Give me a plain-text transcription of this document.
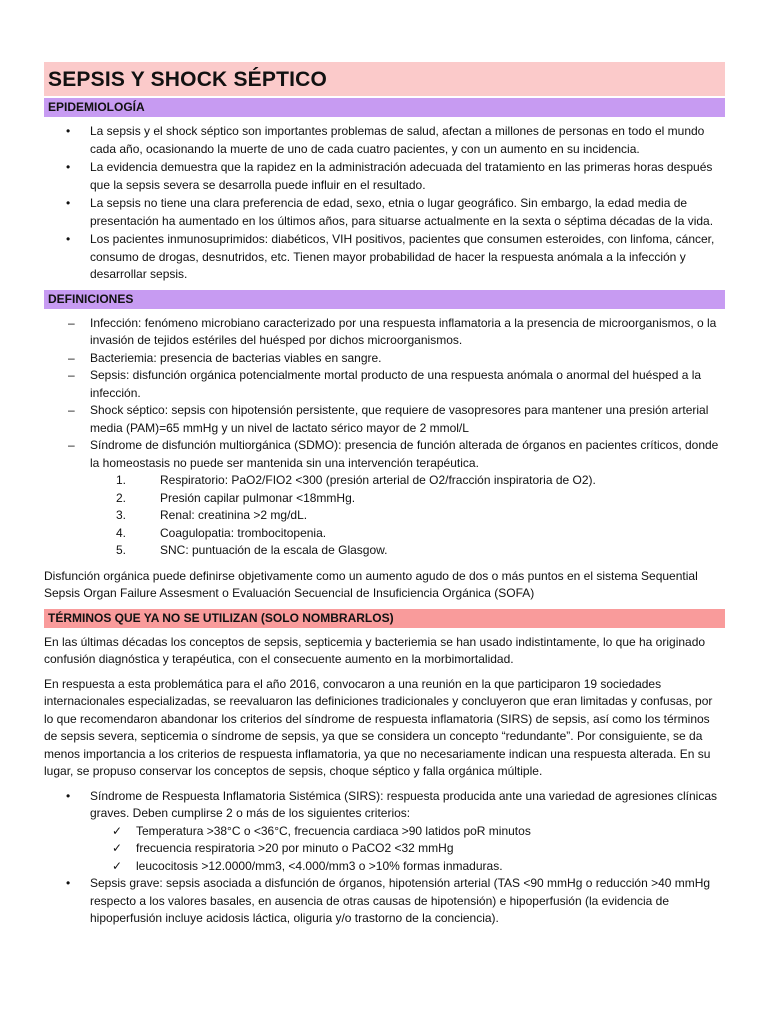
SEPSIS Y SHOCK SÉPTICO
EPIDEMIOLOGÍA
• La sepsis y el shock séptico son importantes problemas de salud, afectan a millones de personas en todo el mundo cada año, ocasionando la muerte de uno de cada cuatro pacientes, y con un aumento en su incidencia.
• La evidencia demuestra que la rapidez en la administración adecuada del tratamiento en las primeras horas después que la sepsis severa se desarrolla puede influir en el resultado.
• La sepsis no tiene una clara preferencia de edad, sexo, etnia o lugar geográfico. Sin embargo, la edad media de presentación ha aumentado en los últimos años, para situarse actualmente en la sexta o séptima décadas de la vida.
• Los pacientes inmunosuprimidos: diabéticos, VIH positivos, pacientes que consumen esteroides, con linfoma, cáncer, consumo de drogas, desnutridos, etc. Tienen mayor probabilidad de hacer la respuesta anómala a la infección y desarrollar sepsis.
DEFINICIONES
– Infección: fenómeno microbiano caracterizado por una respuesta inflamatoria a la presencia de microorganismos, o la invasión de tejidos estériles del huésped por dichos microorganismos.
– Bacteriemia: presencia de bacterias viables en sangre.
– Sepsis: disfunción orgánica potencialmente mortal producto de una respuesta anómala o anormal del huésped a la infección.
– Shock séptico: sepsis con hipotensión persistente, que requiere de vasopresores para mantener una presión arterial media (PAM)=65 mmHg y un nivel de lactato sérico mayor de 2 mmol/L
– Síndrome de disfunción multiorgánica (SDMO): presencia de función alterada de órganos en pacientes críticos, donde la homeostasis no puede ser mantenida sin una intervención terapéutica.
1.	Respiratorio: PaO2/FIO2 <300 (presión arterial de O2/fracción inspiratoria de O2).
2.	Presión capilar pulmonar <18mmHg.
3.	Renal: creatinina >2 mg/dL.
4.	Coagulopatia: trombocitopenia.
5.	SNC: puntuación de la escala de Glasgow.

Disfunción orgánica puede definirse objetivamente como un aumento agudo de dos o más puntos en el sistema Sequential Sepsis Organ Failure Assesment o Evaluación Secuencial de Insuficiencia Orgánica (SOFA)

TÉRMINOS QUE YA NO SE UTILIZAN (SOLO NOMBRARLOS)

En las últimas décadas los conceptos de sepsis, septicemia y bacteriemia se han usado indistintamente, lo que ha originado confusión diagnóstica y terapéutica, con el consecuente aumento en la morbimortalidad.

En respuesta a esta problemática para el año 2016, convocaron a una reunión en la que participaron 19 sociedades internacionales especializadas, se reevaluaron las definiciones tradicionales y concluyeron que eran limitadas y confusas, por lo que recomendaron abandonar los criterios del síndrome de respuesta inflamatoria (SIRS) de sepsis, así como los términos de sepsis severa, septicemia o síndrome de sepsis, ya que se considera un concepto “redundante”. Por consiguiente, se da menos importancia a los criterios de respuesta inflamatoria, ya que no necesariamente indican una respuesta alterada. En su lugar, se propuso conservar los conceptos de sepsis, choque séptico y falla orgánica múltiple.

• Síndrome de Respuesta Inflamatoria Sistémica (SIRS): respuesta producida ante una variedad de agresiones clínicas graves. Deben cumplirse 2 o más de los siguientes criterios:
✓ Temperatura >38°C o <36°C, frecuencia cardiaca >90 latidos poR minutos
✓ frecuencia respiratoria >20 por minuto o PaCO2 <32 mmHg
✓ leucocitosis >12.0000/mm3, <4.000/mm3 o >10% formas inmaduras.
• Sepsis grave: sepsis asociada a disfunción de órganos, hipotensión arterial (TAS <90 mmHg o reducción >40 mmHg respecto a los valores basales, en ausencia de otras causas de hipotensión) e hipoperfusión (la evidencia de hipoperfusión incluye acidosis láctica, oliguria y/o trastorno de la conciencia).
